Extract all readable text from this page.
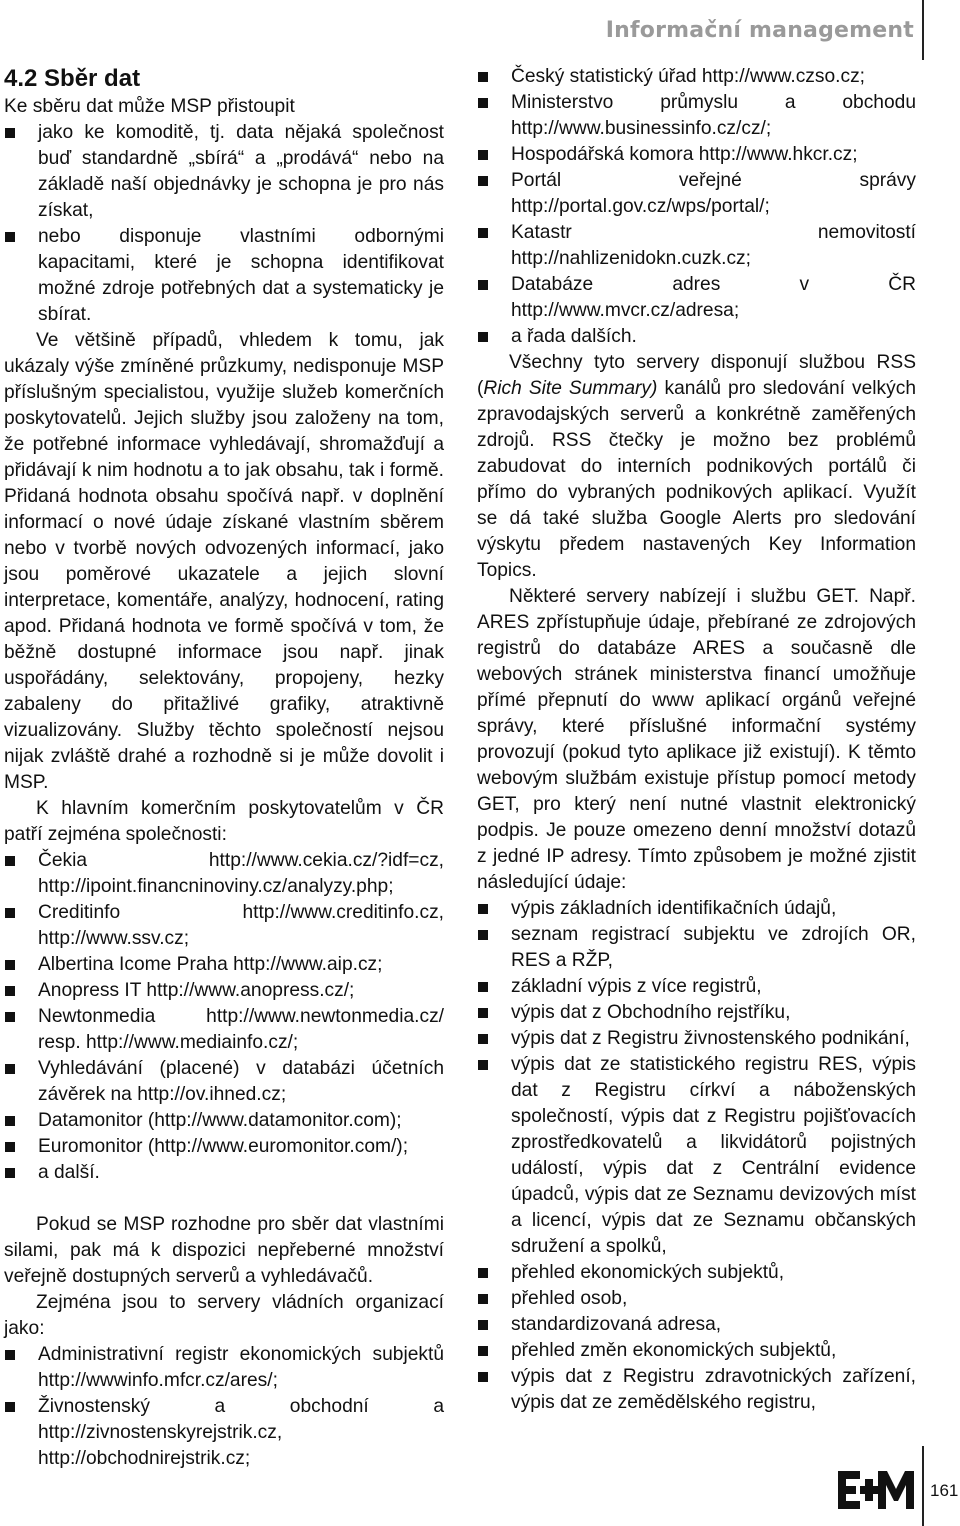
Informační management
4.2 Sběr dat

Ke sběru dat může MSP přistoupit

jako ke komoditě, tj. data nějaká společnost buď standardně „sbírá“ a „prodává“ nebo na základě naší objednávky je schopna je pro nás získat,
nebo disponuje vlastními odbornými kapacitami, které je schopna identifikovat možné zdroje potřebných dat a systematicky je sbírat.

Ve většině případů, vhledem k tomu, jak ukázaly výše zmíněné průzkumy, nedisponuje MSP příslušným specialistou, využije služeb komerčních poskytovatelů. Jejich služby jsou založeny na tom, že potřebné informace vyhledávají, shromažďují a přidávají k nim hodnotu a to jak obsahu, tak i formě. Přidaná hodnota obsahu spočívá např. v doplnění informací o nové údaje získané vlastním sběrem nebo v tvorbě nových odvozených informací, jako jsou poměrové ukazatele a jejich slovní interpretace, komentáře, analýzy, hodnocení, rating apod. Přidaná hodnota ve formě spočívá v tom, že běžně dostupné informace jsou např. jinak uspořádány, selektovány, propojeny, hezky zabaleny do přitažlivé grafiky, atraktivně vizualizovány. Služby těchto společností nejsou nijak zvláště drahé a rozhodně si je může dovolit i MSP.

K hlavním komerčním poskytovatelům v ČR patří zejména společnosti:

Čekia http://www.cekia.cz/?idf=cz, http://ipoint.financninoviny.cz/analyzy.php;
Creditinfo http://www.creditinfo.cz, http://www.ssv.cz;
Albertina Icome Praha http://www.aip.cz;
Anopress IT http://www.anopress.cz/;
Newtonmedia http://www.newtonmedia.cz/ resp. http://www.mediainfo.cz/;
Vyhledávání (placené) v databázi účetních závěrek na http://ov.ihned.cz;
Datamonitor (http://www.datamonitor.com);
Euromonitor (http://www.euromonitor.com/);
a další.

Pokud se MSP rozhodne pro sběr dat vlastními silami, pak má k dispozici nepřeberné množství veřejně dostupných serverů a vyhledávačů.

Zejména jsou to servery vládních organizací jako:

Administrativní registr ekonomických subjektů http://wwwinfo.mfcr.cz/ares/;
Živnostenský a obchodní a http://zivnostenskyrejstrik.cz, http://obchodnirejstrik.cz;
Český statistický úřad http://www.czso.cz;
Ministerstvo průmyslu a obchodu http://www.businessinfo.cz/cz/;
Hospodářská komora http://www.hkcr.cz;
Portál veřejné správy http://portal.gov.cz/wps/portal/;
Katastr nemovitostí http://nahlizenidokn.cuzk.cz;
Databáze adres v ČR http://www.mvcr.cz/adresa;
a řada dalších.

Všechny tyto servery disponují službou RSS (Rich Site Summary) kanálů pro sledování velkých zpravodajských serverů a konkrétně zaměřených zdrojů. RSS čtečky je možno bez problémů zabudovat do interních podnikových portálů či přímo do vybraných podnikových aplikací. Využít se dá také služba Google Alerts pro sledování výskytu předem nastavených Key Information Topics.

Některé servery nabízejí i službu GET. Např. ARES zpřístupňuje údaje, přebírané ze zdrojových registrů do databáze ARES a současně dle webových stránek ministerstva financí umožňuje přímé přepnutí do www aplikací orgánů veřejné správy, které příslušné informační systémy provozují (pokud tyto aplikace již existují). K těmto webovým službám existuje přístup pomocí metody GET, pro který není nutné vlastnit elektronický podpis. Je pouze omezeno denní množství dotazů z jedné IP adresy. Tímto způsobem je možné zjistit následující údaje:

výpis základních identifikačních údajů,
seznam registrací subjektu ve zdrojích OR, RES a RŽP,
základní výpis z více registrů,
výpis dat z Obchodního rejstříku,
výpis dat z Registru živnostenského podnikání,
výpis dat ze statistického registru RES, výpis dat z Registru církví a náboženských společností, výpis dat z Registru pojišťovacích zprostředkovatelů a likvidátorů pojistných událostí, výpis dat z Centrální evidence úpadců, výpis dat ze Seznamu devizových míst a licencí, výpis dat ze Seznamu občanských sdružení a spolků,
přehled ekonomických subjektů,
přehled osob,
standardizovaná adresa,
přehled změn ekonomických subjektů,
výpis dat z Registru zdravotnických zařízení, výpis dat ze zemědělského registru,
161
